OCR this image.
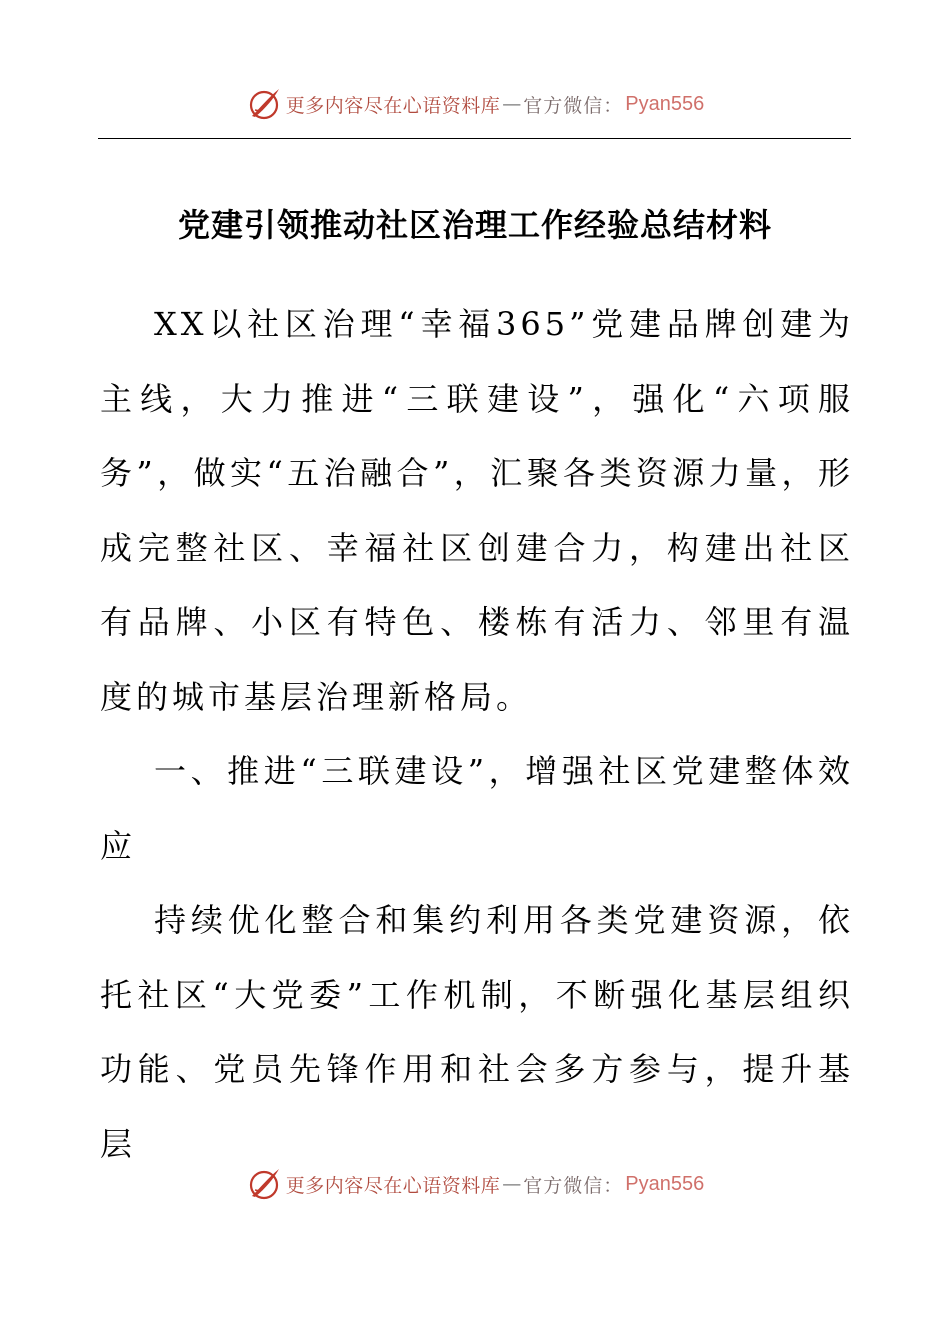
更多内容尽在心语资料库 — 官方微信： Pyan556
党建引领推动社区治理工作经验总结材料

XX以社区治理“幸福365”党建品牌创建为主线，大力推进“三联建设”，强化“六项服务”，做实“五治融合”，汇聚各类资源力量，形成完整社区、幸福社区创建合力，构建出社区有品牌、小区有特色、楼栋有活力、邻里有温度的城市基层治理新格局。

一、推进“三联建设”，增强社区党建整体效应

持续优化整合和集约利用各类党建资源，依托社区“大党委”工作机制，不断强化基层组织功能、党员先锋作用和社会多方参与，提升基层

更多内容尽在心语资料库 — 官方微信： Pyan556
